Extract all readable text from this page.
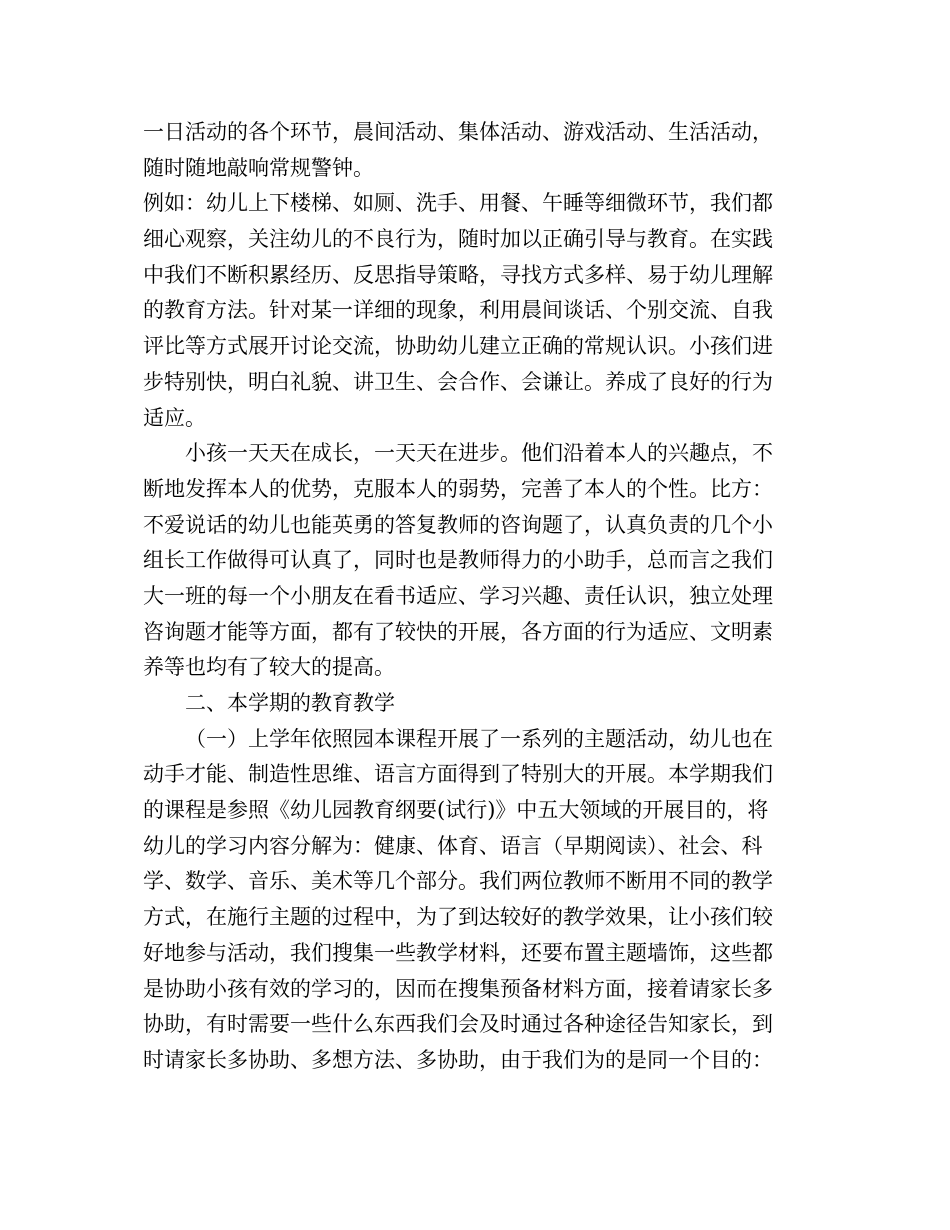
一日活动的各个环节，晨间活动、集体活动、游戏活动、生活活动，
随时随地敲响常规警钟。
例如：幼儿上下楼梯、如厕、洗手、用餐、午睡等细微环节，我们都
细心观察，关注幼儿的不良行为，随时加以正确引导与教育。在实践
中我们不断积累经历、反思指导策略，寻找方式多样、易于幼儿理解
的教育方法。针对某一详细的现象，利用晨间谈话、个别交流、自我
评比等方式展开讨论交流，协助幼儿建立正确的常规认识。小孩们进
步特别快，明白礼貌、讲卫生、会合作、会谦让。养成了良好的行为
适应。
小孩一天天在成长，一天天在进步。他们沿着本人的兴趣点，不
断地发挥本人的优势，克服本人的弱势，完善了本人的个性。比方：
不爱说话的幼儿也能英勇的答复教师的咨询题了，认真负责的几个小
组长工作做得可认真了，同时也是教师得力的小助手，总而言之我们
大一班的每一个小朋友在看书适应、学习兴趣、责任认识，独立处理
咨询题才能等方面，都有了较快的开展，各方面的行为适应、文明素
养等也均有了较大的提高。
二、本学期的教育教学
（一）上学年依照园本课程开展了一系列的主题活动，幼儿也在
动手才能、制造性思维、语言方面得到了特别大的开展。本学期我们
的课程是参照《幼儿园教育纲要(试行)》中五大领域的开展目的，将
幼儿的学习内容分解为：健康、体育、语言（早期阅读）、社会、科
学、数学、音乐、美术等几个部分。我们两位教师不断用不同的教学
方式，在施行主题的过程中，为了到达较好的教学效果，让小孩们较
好地参与活动，我们搜集一些教学材料，还要布置主题墙饰，这些都
是协助小孩有效的学习的，因而在搜集预备材料方面，接着请家长多
协助，有时需要一些什么东西我们会及时通过各种途径告知家长，到
时请家长多协助、多想方法、多协助，由于我们为的是同一个目的：
